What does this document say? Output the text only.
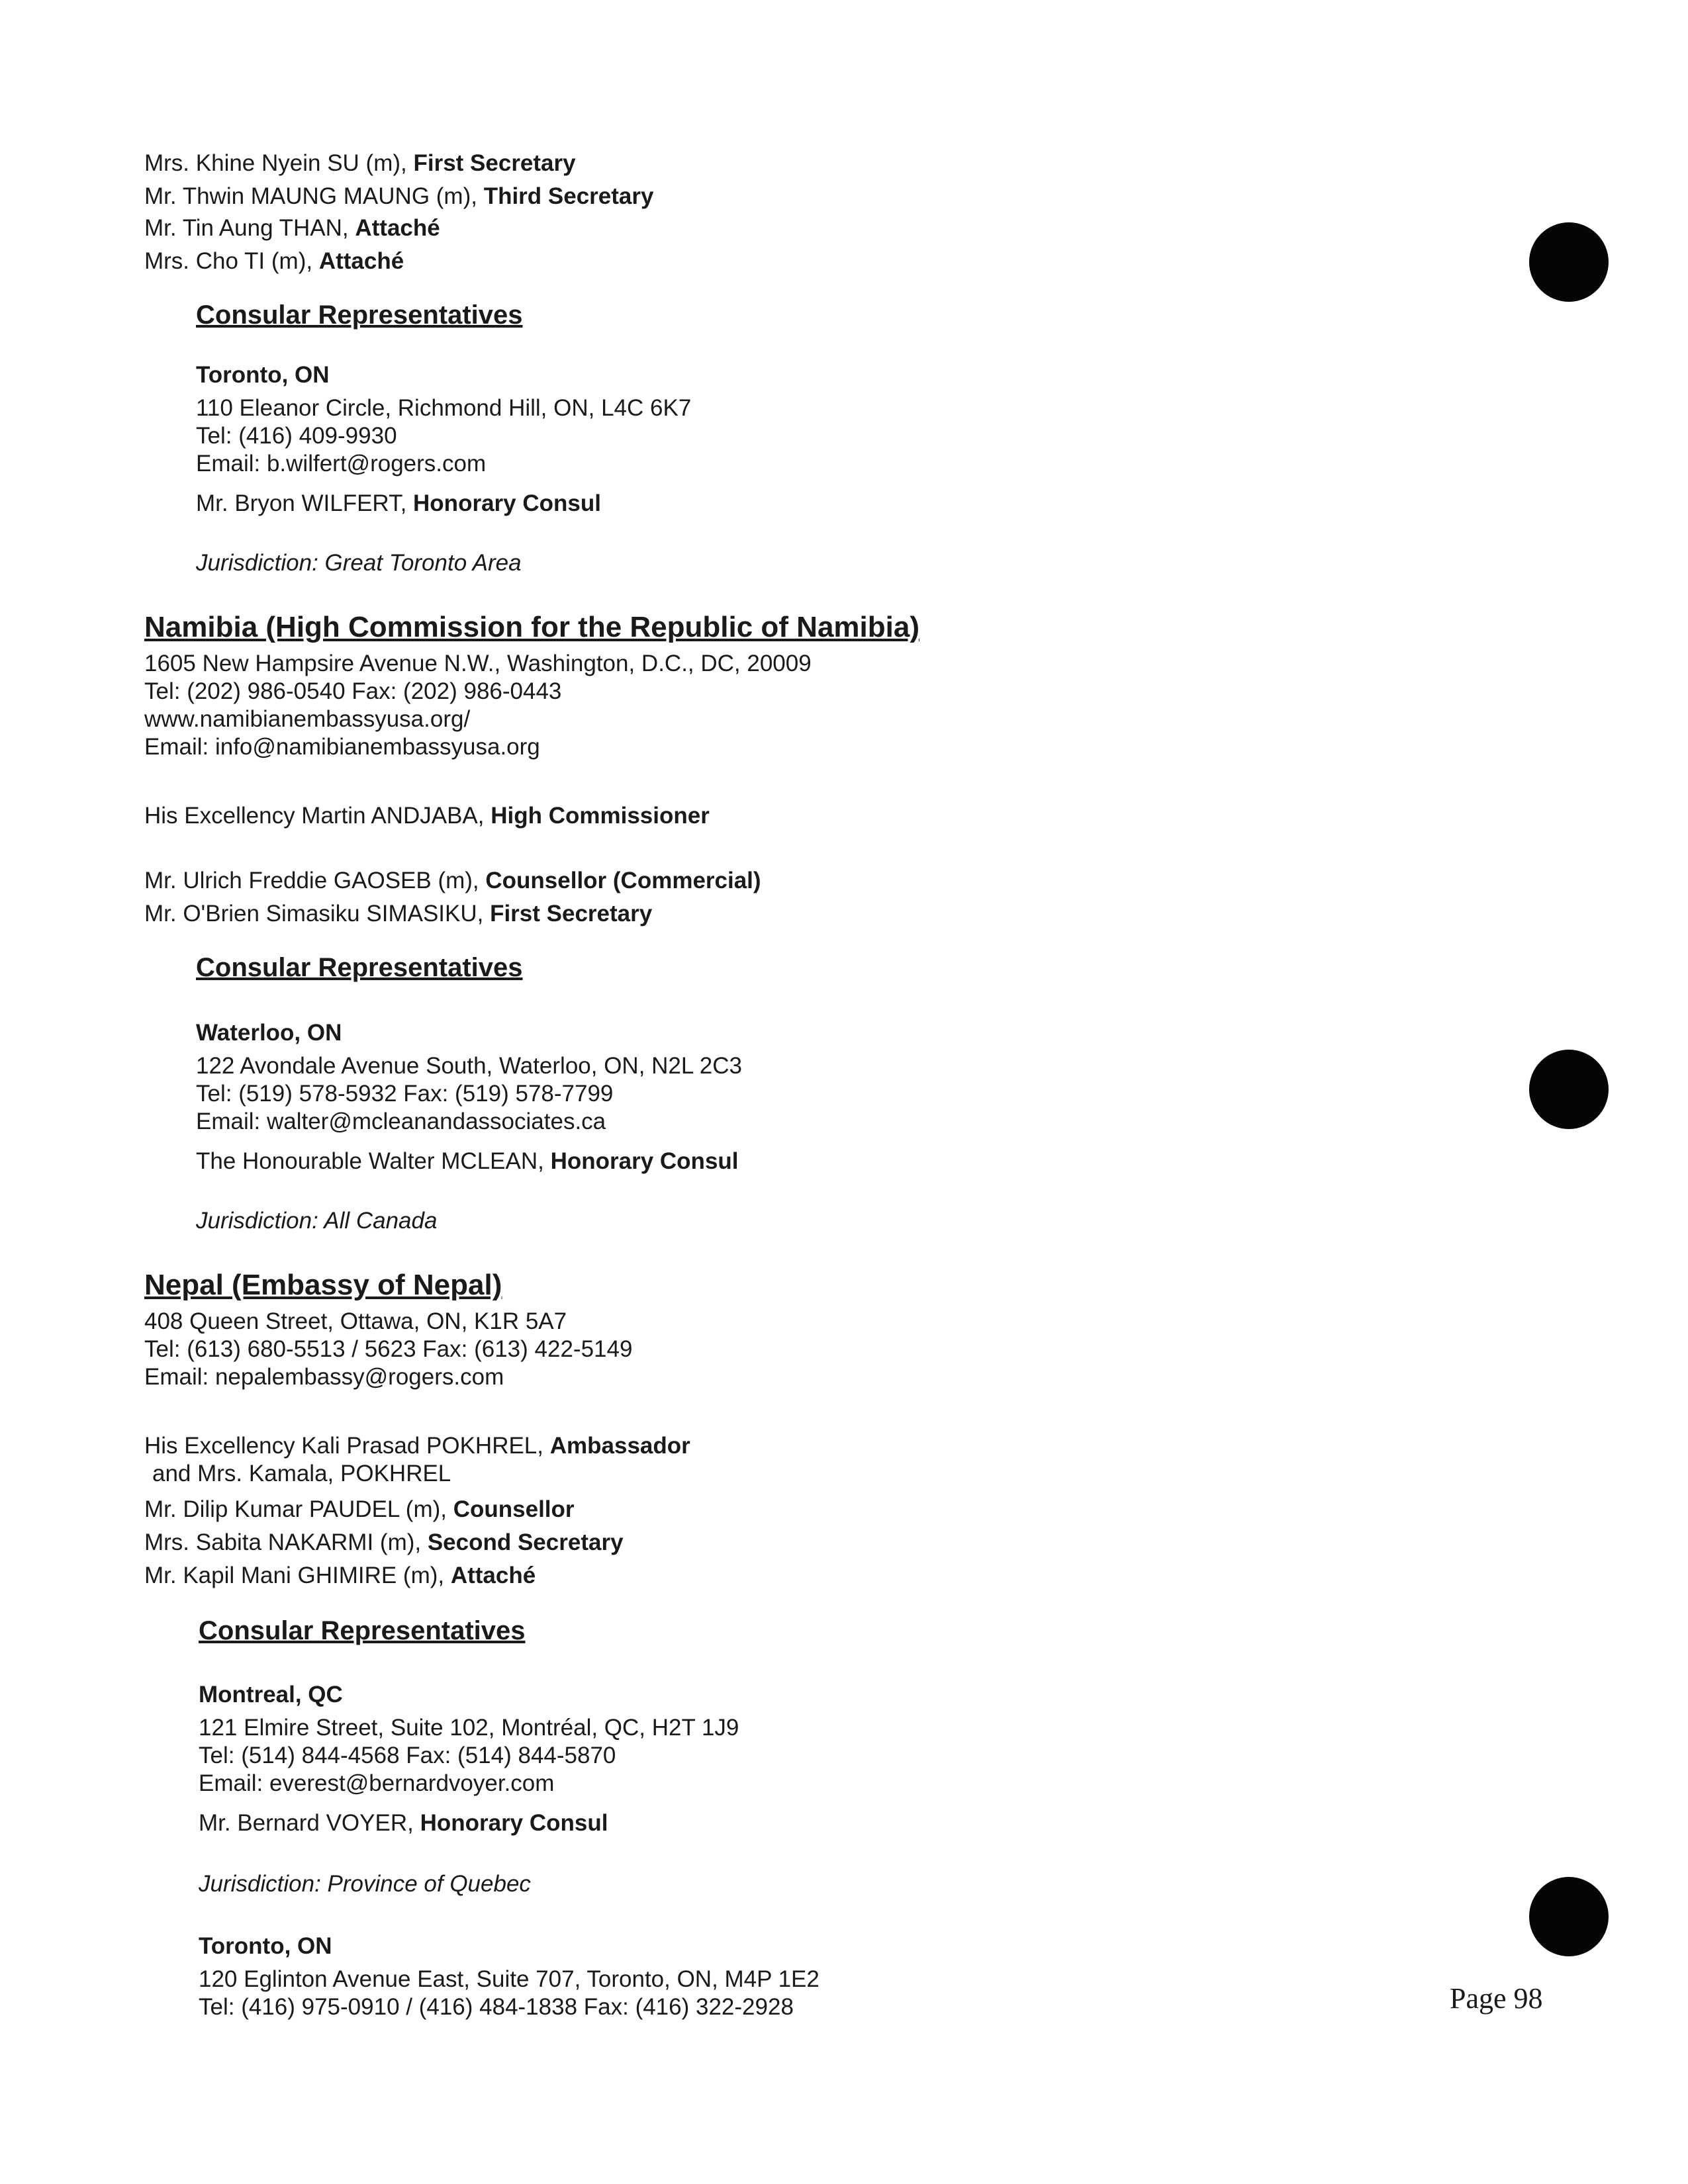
Mrs. Khine Nyein SU (m), First Secretary
Mr. Thwin MAUNG MAUNG (m), Third Secretary
Mr. Tin Aung THAN, Attaché
Mrs. Cho TI (m), Attaché
Consular Representatives
Toronto, ON
110 Eleanor Circle, Richmond Hill, ON, L4C 6K7
Tel: (416) 409-9930
Email: b.wilfert@rogers.com
Mr. Bryon WILFERT, Honorary Consul
Jurisdiction: Great Toronto Area
Namibia (High Commission for the Republic of Namibia)
1605 New Hampsire Avenue N.W., Washington, D.C., DC, 20009
Tel: (202) 986-0540 Fax: (202) 986-0443
www.namibianembassyusa.org/
Email: info@namibianembassyusa.org
His Excellency Martin ANDJABA, High Commissioner
Mr. Ulrich Freddie GAOSEB (m), Counsellor (Commercial)
Mr. O'Brien Simasiku SIMASIKU, First Secretary
Consular Representatives
Waterloo, ON
122 Avondale Avenue South, Waterloo, ON, N2L 2C3
Tel: (519) 578-5932 Fax: (519) 578-7799
Email: walter@mcleanandassociates.ca
The Honourable Walter MCLEAN, Honorary Consul
Jurisdiction: All Canada
Nepal (Embassy of Nepal)
408 Queen Street, Ottawa, ON, K1R 5A7
Tel: (613) 680-5513 / 5623 Fax: (613) 422-5149
Email: nepalembassy@rogers.com
His Excellency Kali Prasad POKHREL, Ambassador
and Mrs. Kamala, POKHREL
Mr. Dilip Kumar PAUDEL (m), Counsellor
Mrs. Sabita NAKARMI (m), Second Secretary
Mr. Kapil Mani GHIMIRE (m), Attaché
Consular Representatives
Montreal, QC
121 Elmire Street, Suite 102, Montréal, QC, H2T 1J9
Tel: (514) 844-4568 Fax: (514) 844-5870
Email: everest@bernardvoyer.com
Mr. Bernard VOYER, Honorary Consul
Jurisdiction: Province of Quebec
Toronto, ON
120 Eglinton Avenue East, Suite 707, Toronto, ON, M4P 1E2
Tel: (416) 975-0910 / (416) 484-1838 Fax: (416) 322-2928	Page 98
